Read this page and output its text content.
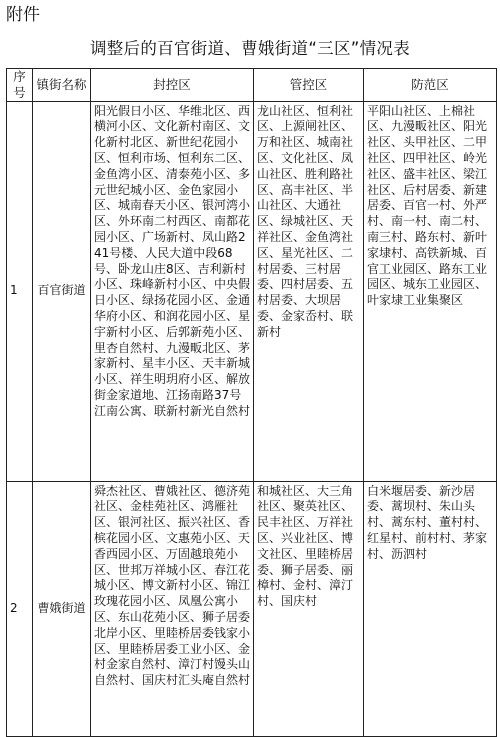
附件
调整后的百官街道、曹娥街道“三区”情况表
序号	镇街名称	封控区	管控区	防范区
1	百官街道	阳光假日小区、华维北区、西横河小区、文化新村南区、文化新村北区、新世纪花园小区、恒利市场、恒利东二区、金鱼湾小区、清泰苑小区、多元世纪城小区、金色家园小区、城南春天小区、银河湾小区、外环南二村西区、南都花园小区、广场新村、凤山路241号楼、人民大道中段68号、卧龙山庄8区、吉利新村小区、珠峰新村小区、中央假日小区、绿扬花园小区、金通华府小区、和润花园小区、星宇新村小区、后郭新苑小区、里杏自然村、九漫畈北区、茅家新村、星丰小区、天丰新城小区、祥生明玥府小区、解放街金家道地、江扬南路37号江南公寓、联新村新光自然村	龙山社区、恒利社区、上源闸社区、万和社区、城南社区、文化社区、凤山社区、胜利路社区、高丰社区、半山社区、大通社区、绿城社区、天祥社区、金鱼湾社区、星光社区、二村居委、三村居委、四村居委、五村居委、大坝居委、金家岙村、联新村	平阳山社区、上棉社区、九漫畈社区、阳光社区、头甲社区、二甲社区、四甲社区、岭光社区、盛丰社区、梁江社区、后村居委、新建居委、百官一村、外严村、南一村、南二村、南三村、路东村、新叶家埭村、高铁新城、百官工业园区、路东工业园区、城东工业园区、叶家埭工业集聚区
2	曹娥街道	舜杰社区、曹娥社区、德济苑社区、金桂苑社区、鸿雁社区、银河社区、振兴社区、香槟花园小区、文惠苑小区、天香西园小区、万固越琅苑小区、世邦万祥城小区、春江花城小区、博文新村小区、锦江玫瑰花园小区、凤凰公寓小区、东山花苑小区、狮子居委北岸小区、里睦桥居委钱家小区、里睦桥居委工业小区、金村金家自然村、漳汀村馒头山自然村、国庆村汇头庵自然村	和城社区、大三角社区、聚英社区、民丰社区、万祥社区、兴业社区、博文社区、里睦桥居委、狮子居委、丽樟村、金村、漳汀村、国庆村	白米堰居委、新沙居委、蒿坝村、朱山头村、蒿东村、董村村、红星村、前村村、茅家村、沥泗村
